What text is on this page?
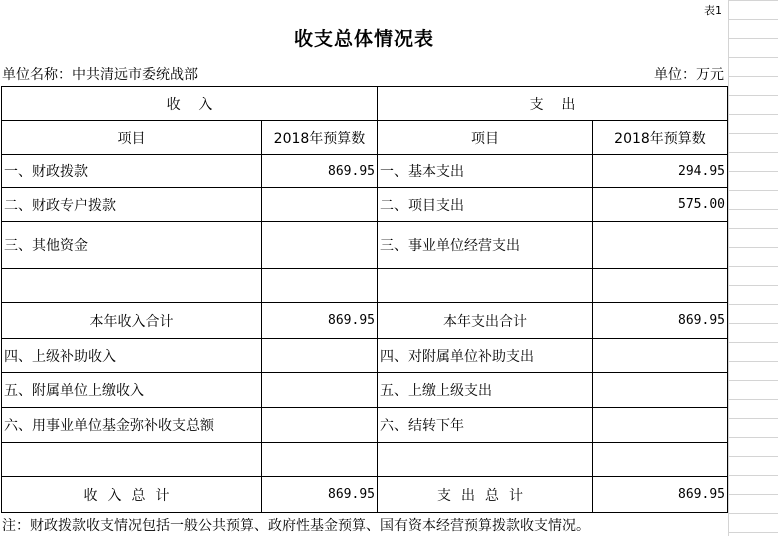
表1
收支总体情况表
单位名称：中共清远市委统战部	单位：万元
收    入		支    出	
项目	2018年预算数	项目	2018年预算数
一、财政拨款	869.95	一、基本支出	294.95
二、财政专户拨款		二、项目支出	575.00
三、其他资金		三、事业单位经营支出	

本年收入合计	869.95	本年支出合计	869.95
四、上级补助收入		四、对附属单位补助支出	
五、附属单位上缴收入		五、上缴上级支出	
六、用事业单位基金弥补收支总额		六、结转下年	

收入总计	869.95	支出总计	869.95
注：财政拨款收支情况包括一般公共预算、政府性基金预算、国有资本经营预算拨款收支情况。
